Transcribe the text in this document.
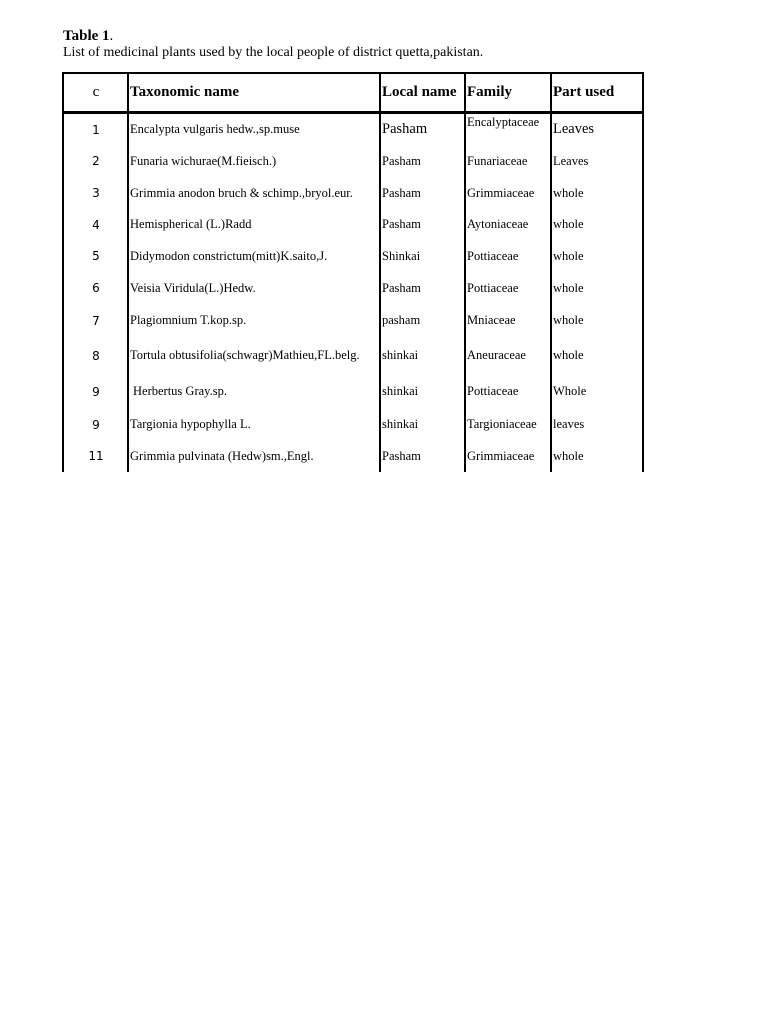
Table 1.
List of medicinal plants used by the local people of district quetta,pakistan.
c	Taxonomic name	Local name	Family	Part used
1	Encalypta vulgaris hedw.,sp.muse	Pasham	Encalyptaceae	Leaves
2	Funaria wichurae(M.fieisch.)	Pasham	Funariaceae	Leaves
3	Grimmia anodon bruch & schimp.,bryol.eur.	Pasham	Grimmiaceae	whole
4	Hemispherical (L.)Radd	Pasham	Aytoniaceae	whole
5	Didymodon constrictum(mitt)K.saito,J.	Shinkai	Pottiaceae	whole
6	Veisia Viridula(L.)Hedw.	Pasham	Pottiaceae	whole
7	Plagiomnium T.kop.sp.	pasham	Mniaceae	whole
8	Tortula obtusifolia(schwagr)Mathieu,FL.belg.	shinkai	Aneuraceae	whole
9	Herbertus Gray.sp.	shinkai	Pottiaceae	Whole
9	Targionia hypophylla L.	shinkai	Targioniaceae	leaves
11	Grimmia pulvinata (Hedw)sm.,Engl.	Pasham	Grimmiaceae	whole
